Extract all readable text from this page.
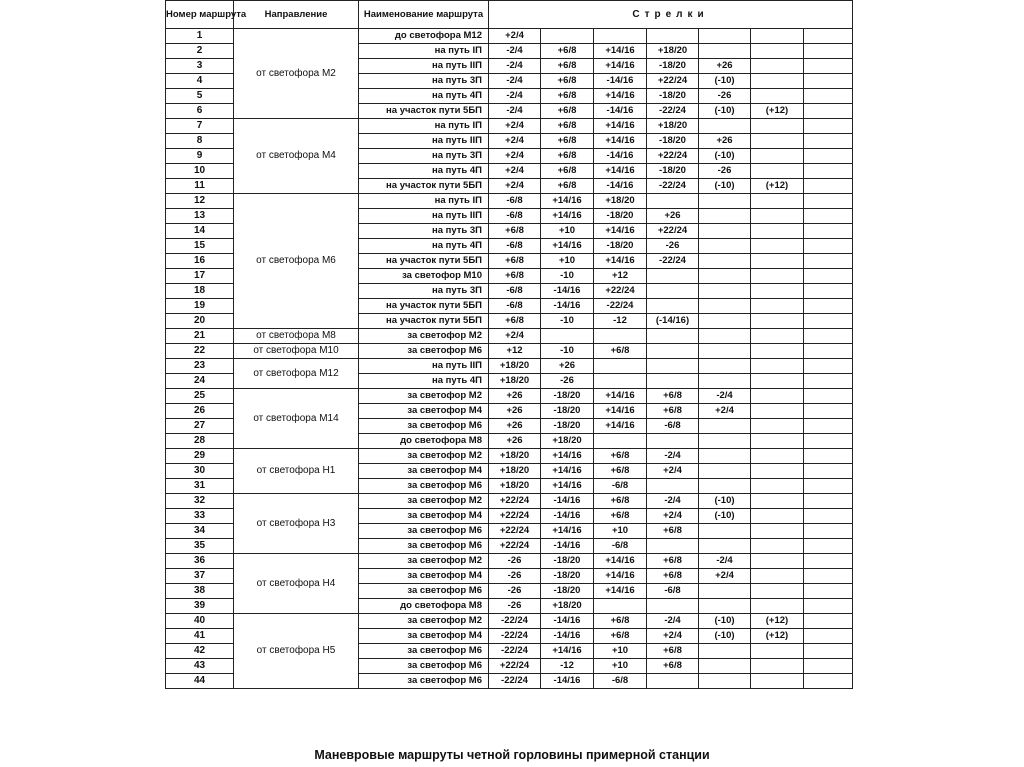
Номер маршрута	Направление	Наименование маршрута	Стрелки						
1	от светофора М2	до светофора М12	+2/4						
2		на путь IП	-2/4	+6/8	+14/16	+18/20			
3		на путь IIП	-2/4	+6/8	+14/16	-18/20	+26		
4		на путь 3П	-2/4	+6/8	-14/16	+22/24	(-10)		
5		на путь 4П	-2/4	+6/8	+14/16	-18/20	-26		
6		на участок пути 5БП	-2/4	+6/8	-14/16	-22/24	(-10)	(+12)	
7	от светофора М4	на путь IП	+2/4	+6/8	+14/16	+18/20			
8		на путь IIП	+2/4	+6/8	+14/16	-18/20	+26		
9		на путь 3П	+2/4	+6/8	-14/16	+22/24	(-10)		
10		на путь 4П	+2/4	+6/8	+14/16	-18/20	-26		
11		на участок пути 5БП	+2/4	+6/8	-14/16	-22/24	(-10)	(+12)	
12	от светофора М6	на путь IП	-6/8	+14/16	+18/20				
13		на путь IIП	-6/8	+14/16	-18/20	+26			
14		на путь 3П	+6/8	+10	+14/16	+22/24			
15		на путь 4П	-6/8	+14/16	-18/20	-26			
16		на участок пути 5БП	+6/8	+10	+14/16	-22/24			
17		за светофор М10	+6/8	-10	+12				
18		на путь 3П	-6/8	-14/16	+22/24				
19		на участок пути 5БП	-6/8	-14/16	-22/24				
20		на участок пути 5БП	+6/8	-10	-12	(-14/16)			
21	от светофора М8	за светофор М2	+2/4						
22	от светофора М10	за светофор М6	+12	-10	+6/8				
23	от светофора М12	на путь IIП	+18/20	+26					
24		на путь 4П	+18/20	-26					
25	от светофора М14	за светофор М2	+26	-18/20	+14/16	+6/8	-2/4		
26		за светофор М4	+26	-18/20	+14/16	+6/8	+2/4		
27		за светофор М6	+26	-18/20	+14/16	-6/8			
28		до светофора М8	+26	+18/20					
29	от светофора Н1	за светофор М2	+18/20	+14/16	+6/8	-2/4			
30		за светофор М4	+18/20	+14/16	+6/8	+2/4			
31		за светофор М6	+18/20	+14/16	-6/8				
32	от светофора Н3	за светофор М2	+22/24	-14/16	+6/8	-2/4	(-10)		
33		за светофор М4	+22/24	-14/16	+6/8	+2/4	(-10)		
34		за светофор М6	+22/24	+14/16	+10	+6/8			
35		за светофор М6	+22/24	-14/16	-6/8				
36	от светофора Н4	за светофор М2	-26	-18/20	+14/16	+6/8	-2/4		
37		за светофор М4	-26	-18/20	+14/16	+6/8	+2/4		
38		за светофор М6	-26	-18/20	+14/16	-6/8			
39		до светофора М8	-26	+18/20					
40	от светофора Н5	за светофор М2	-22/24	-14/16	+6/8	-2/4	(-10)	(+12)	
41		за светофор М4	-22/24	-14/16	+6/8	+2/4	(-10)	(+12)	
42		за светофор М6	-22/24	+14/16	+10	+6/8			
43		за светофор М6	+22/24	-12	+10	+6/8			
44		за светофор М6	-22/24	-14/16	-6/8				
Маневровые маршруты четной горловины примерной станции
